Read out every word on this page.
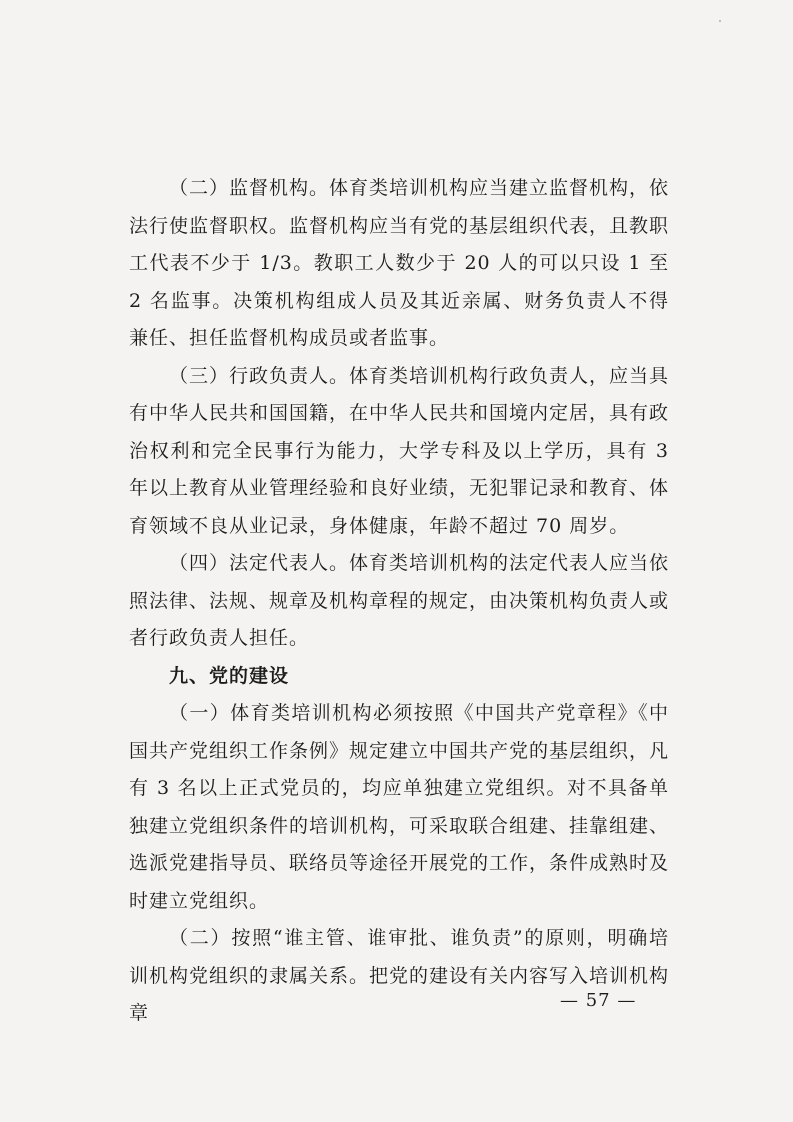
（二）监督机构。体育类培训机构应当建立监督机构，依法行使监督职权。监督机构应当有党的基层组织代表，且教职工代表不少于 1/3。教职工人数少于 20 人的可以只设 1 至 2 名监事。决策机构组成人员及其近亲属、财务负责人不得兼任、担任监督机构成员或者监事。

（三）行政负责人。体育类培训机构行政负责人，应当具有中华人民共和国国籍，在中华人民共和国境内定居，具有政治权利和完全民事行为能力，大学专科及以上学历，具有 3 年以上教育从业管理经验和良好业绩，无犯罪记录和教育、体育领域不良从业记录，身体健康，年龄不超过 70 周岁。

（四）法定代表人。体育类培训机构的法定代表人应当依照法律、法规、规章及机构章程的规定，由决策机构负责人或者行政负责人担任。

九、党的建设

（一）体育类培训机构必须按照《中国共产党章程》《中国共产党组织工作条例》规定建立中国共产党的基层组织，凡有 3 名以上正式党员的，均应单独建立党组织。对不具备单独建立党组织条件的培训机构，可采取联合组建、挂靠组建、选派党建指导员、联络员等途径开展党的工作，条件成熟时及时建立党组织。

（二）按照“谁主管、谁审批、谁负责”的原则，明确培训机构党组织的隶属关系。把党的建设有关内容写入培训机构章

— 57 —
